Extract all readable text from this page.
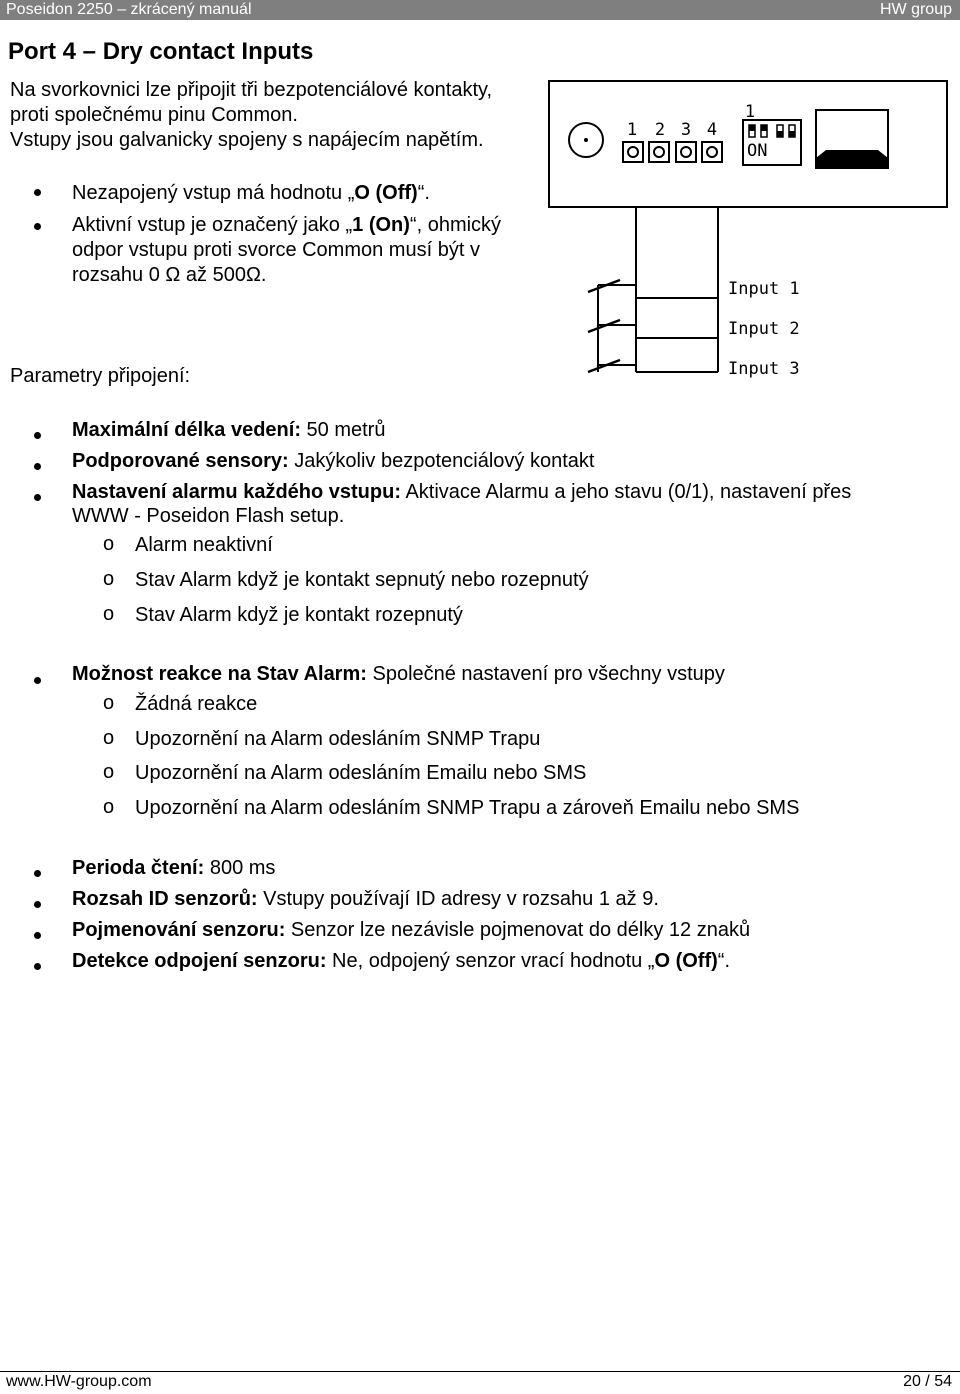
Poseidon 2250 – zkrácený manuál	HW group
Port 4 – Dry contact Inputs
Na svorkovnici lze připojit tři bezpotenciálové kontakty,
proti společnému pinu Common.
Vstupy jsou galvanicky spojeny s napájecím napětím.
Nezapojený vstup má hodnotu „O (Off)“.
Aktivní vstup je označený jako „1 (On)“, ohmický
odpor vstupu proti svorce Common musí být v
rozsahu 0 Ω až 500Ω.
1 2 3 4
1
ON
Input 1
Input 2
Input 3
Parametry připojení:
Maximální délka vedení: 50 metrů
Podporované sensory: Jakýkoliv bezpotenciálový kontakt
Nastavení alarmu každého vstupu: Aktivace Alarmu a jeho stavu (0/1), nastavení přes
WWW - Poseidon Flash setup.
o Alarm neaktivní
o Stav Alarm když je kontakt sepnutý nebo rozepnutý
o Stav Alarm když je kontakt rozepnutý
Možnost reakce na Stav Alarm: Společné nastavení pro všechny vstupy
o Žádná reakce
o Upozornění na Alarm odesláním SNMP Trapu
o Upozornění na Alarm odesláním Emailu nebo SMS
o Upozornění na Alarm odesláním SNMP Trapu a zároveň Emailu nebo SMS
Perioda čtení: 800 ms
Rozsah ID senzorů: Vstupy používají ID adresy v rozsahu 1 až 9.
Pojmenování senzoru: Senzor lze nezávisle pojmenovat do délky 12 znaků
Detekce odpojení senzoru: Ne, odpojený senzor vrací hodnotu „O (Off)“.
www.HW-group.com	20 / 54
